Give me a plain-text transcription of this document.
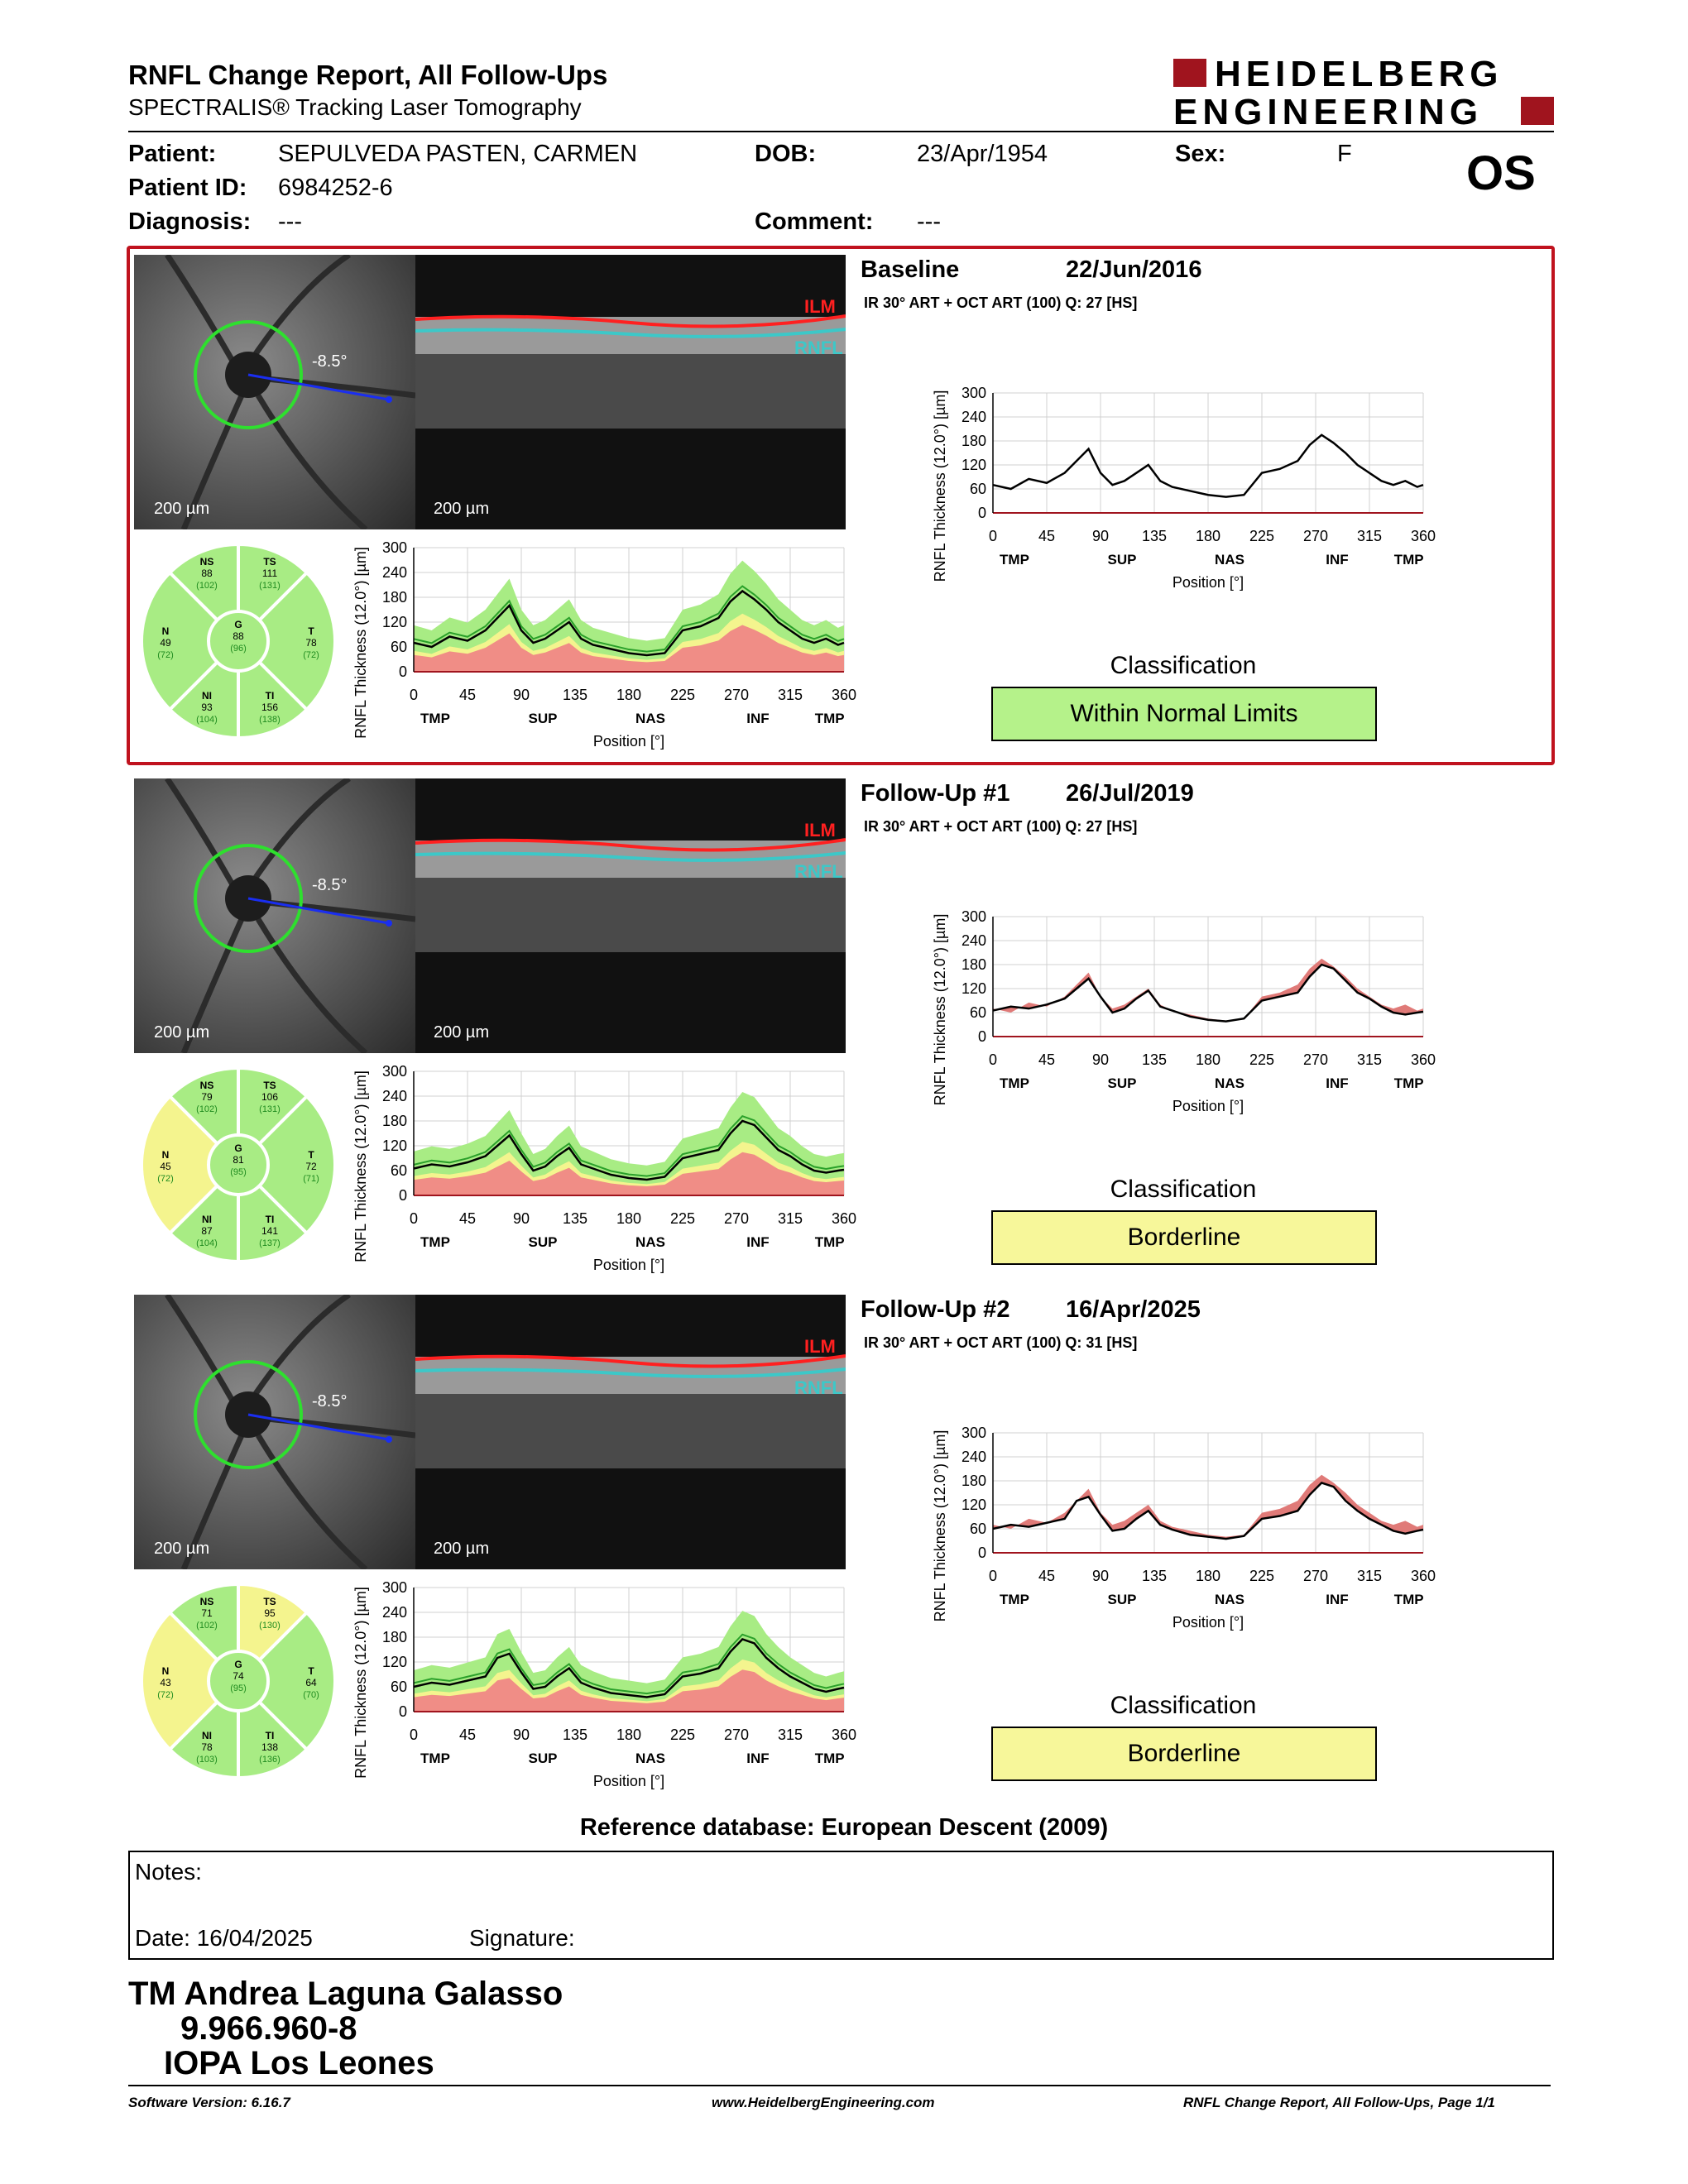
RNFL Change Report, All Follow-Ups
SPECTRALIS® Tracking Laser Tomography
HEIDELBERG
ENGINEERING
Patient:	SEPULVEDA PASTEN, CARMEN	DOB:	23/Apr/1954	Sex:	F OS
Patient ID: 6984252-6
Diagnosis: ---	Comment: ---
-8.5°
200 µm
ILM
RNFL
200 µm
Baseline	22/Jun/2016
IR 30° ART + OCT ART (100) Q: 27 [HS]
NS
88
(102)
TS
111
(131)
N
49
(72)
G
88
(96)
T
78
(72)
NI
93
(104)
TI
156
(138)
0
60
120
180
240
300
0	45 90 135 180 225 270 315 360
TMP	SUP	NAS	INF	TMP
Position [°]
RNFL Thickness (12.0°) [µm]
0
60
120
180
240
300
0	45 90 135 180 225 270 315 360
TMP	SUP	NAS	INF	TMP
Position [°]
RNFL Thickness (12.0°) [µm]
Classification
Within Normal Limits
-8.5°
200 µm
ILM
RNFL
200 µm
Follow-Up #1 26/Jul/2019
IR 30° ART + OCT ART (100) Q: 27 [HS]
NS
79
(102)
TS
106
(131)
N
45
(72)
G
81
(95)
T
72
(71)
NI
87
(104)
TI
141
(137)
0
60
120
180
240
300
0	45 90 135 180 225 270 315 360
TMP	SUP	NAS	INF	TMP
Position [°]
RNFL Thickness (12.0°) [µm]
0
60
120
180
240
300
0	45 90 135 180 225 270 315 360
TMP	SUP	NAS	INF	TMP
Position [°]
RNFL Thickness (12.0°) [µm]
Classification
Borderline
-8.5°
200 µm
ILM
RNFL
200 µm
Follow-Up #2 16/Apr/2025
IR 30° ART + OCT ART (100) Q: 31 [HS]
NS
71
(102)
TS
95
(130)
N
43
(72)
G
74
(95)
T
64
(70)
NI
78
(103)
TI
138
(136)
0
60
120
180
240
300
0	45 90 135 180 225 270 315 360
TMP	SUP	NAS	INF	TMP
Position [°]
RNFL Thickness (12.0°) [µm]
0
60
120
180
240
300
0	45 90 135 180 225 270 315 360
TMP	SUP	NAS	INF	TMP
Position [°]
RNFL Thickness (12.0°) [µm]
Classification
Borderline
Reference database: European Descent (2009)
Notes:
Date: 16/04/2025	Signature:
TM Andrea Laguna Galasso
9.966.960-8
IOPA Los Leones
Software Version: 6.16.7	www.HeidelbergEngineering.com	RNFL Change Report, All Follow-Ups, Page 1/1
